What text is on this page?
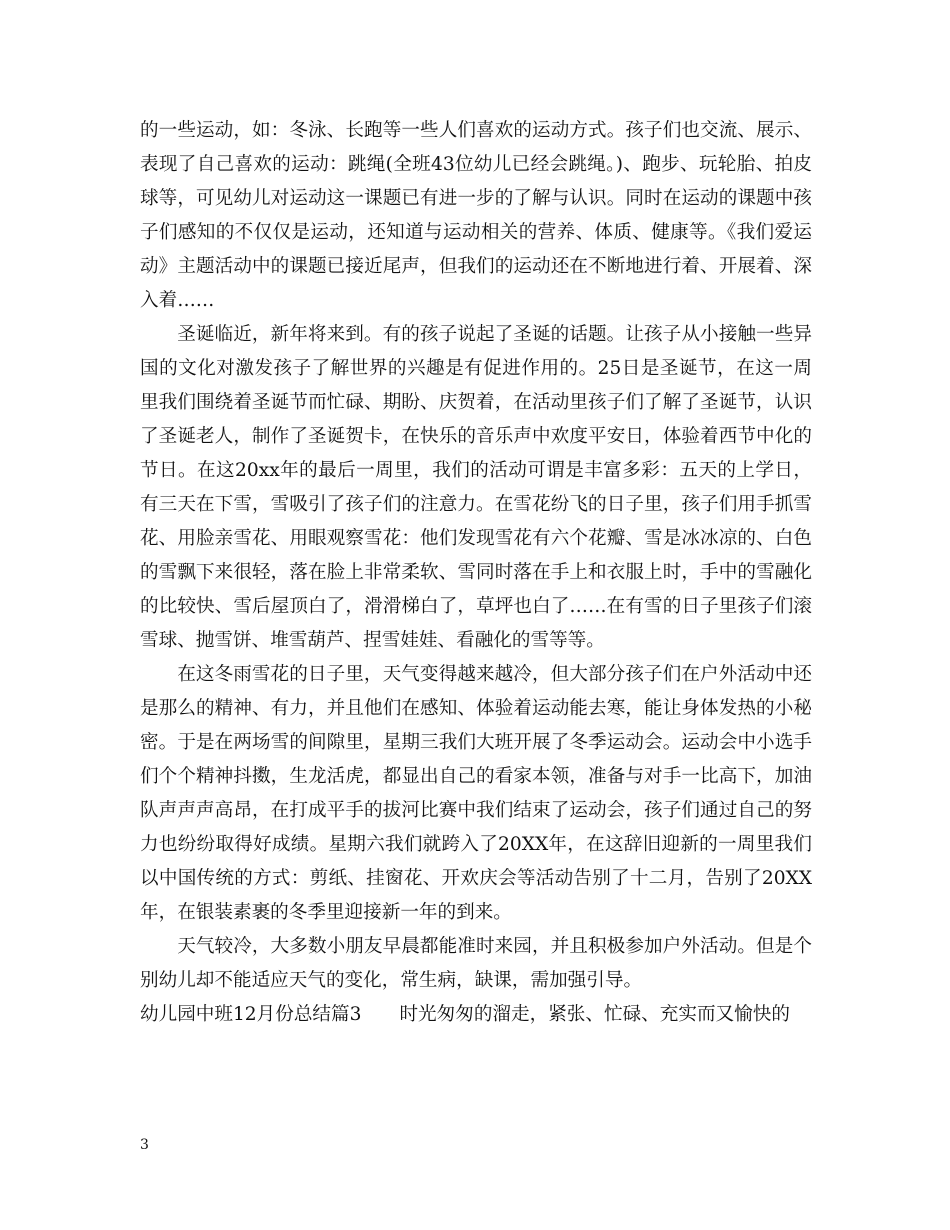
的一些运动，如：冬泳、长跑等一些人们喜欢的运动方式。孩子们也交流、展示、表现了自己喜欢的运动：跳绳(全班43位幼儿已经会跳绳。)、跑步、玩轮胎、拍皮球等，可见幼儿对运动这一课题已有进一步的了解与认识。同时在运动的课题中孩子们感知的不仅仅是运动，还知道与运动相关的营养、体质、健康等。《我们爱运动》主题活动中的课题已接近尾声，但我们的运动还在不断地进行着、开展着、深入着……

圣诞临近，新年将来到。有的孩子说起了圣诞的话题。让孩子从小接触一些异国的文化对激发孩子了解世界的兴趣是有促进作用的。25日是圣诞节，在这一周里我们围绕着圣诞节而忙碌、期盼、庆贺着，在活动里孩子们了解了圣诞节，认识了圣诞老人，制作了圣诞贺卡，在快乐的音乐声中欢度平安日，体验着西节中化的节日。在这20xx年的最后一周里，我们的活动可谓是丰富多彩：五天的上学日，有三天在下雪，雪吸引了孩子们的注意力。在雪花纷飞的日子里，孩子们用手抓雪花、用脸亲雪花、用眼观察雪花：他们发现雪花有六个花瓣、雪是冰冰凉的、白色的雪飘下来很轻，落在脸上非常柔软、雪同时落在手上和衣服上时，手中的雪融化的比较快、雪后屋顶白了，滑滑梯白了，草坪也白了……在有雪的日子里孩子们滚雪球、抛雪饼、堆雪葫芦、捏雪娃娃、看融化的雪等等。

在这冬雨雪花的日子里，天气变得越来越冷，但大部分孩子们在户外活动中还是那么的精神、有力，并且他们在感知、体验着运动能去寒，能让身体发热的小秘密。于是在两场雪的间隙里，星期三我们大班开展了冬季运动会。运动会中小选手们个个精神抖擞，生龙活虎，都显出自己的看家本领，准备与对手一比高下，加油队声声声高昂，在打成平手的拔河比赛中我们结束了运动会，孩子们通过自己的努力也纷纷取得好成绩。星期六我们就跨入了20XX年，在这辞旧迎新的一周里我们以中国传统的方式：剪纸、挂窗花、开欢庆会等活动告别了十二月，告别了20XX年，在银装素裹的冬季里迎接新一年的到来。

天气较冷，大多数小朋友早晨都能准时来园，并且积极参加户外活动。但是个别幼儿却不能适应天气的变化，常生病，缺课，需加强引导。

幼儿园中班12月份总结篇3 时光匆匆的溜走，紧张、忙碌、充实而又愉快的

3
